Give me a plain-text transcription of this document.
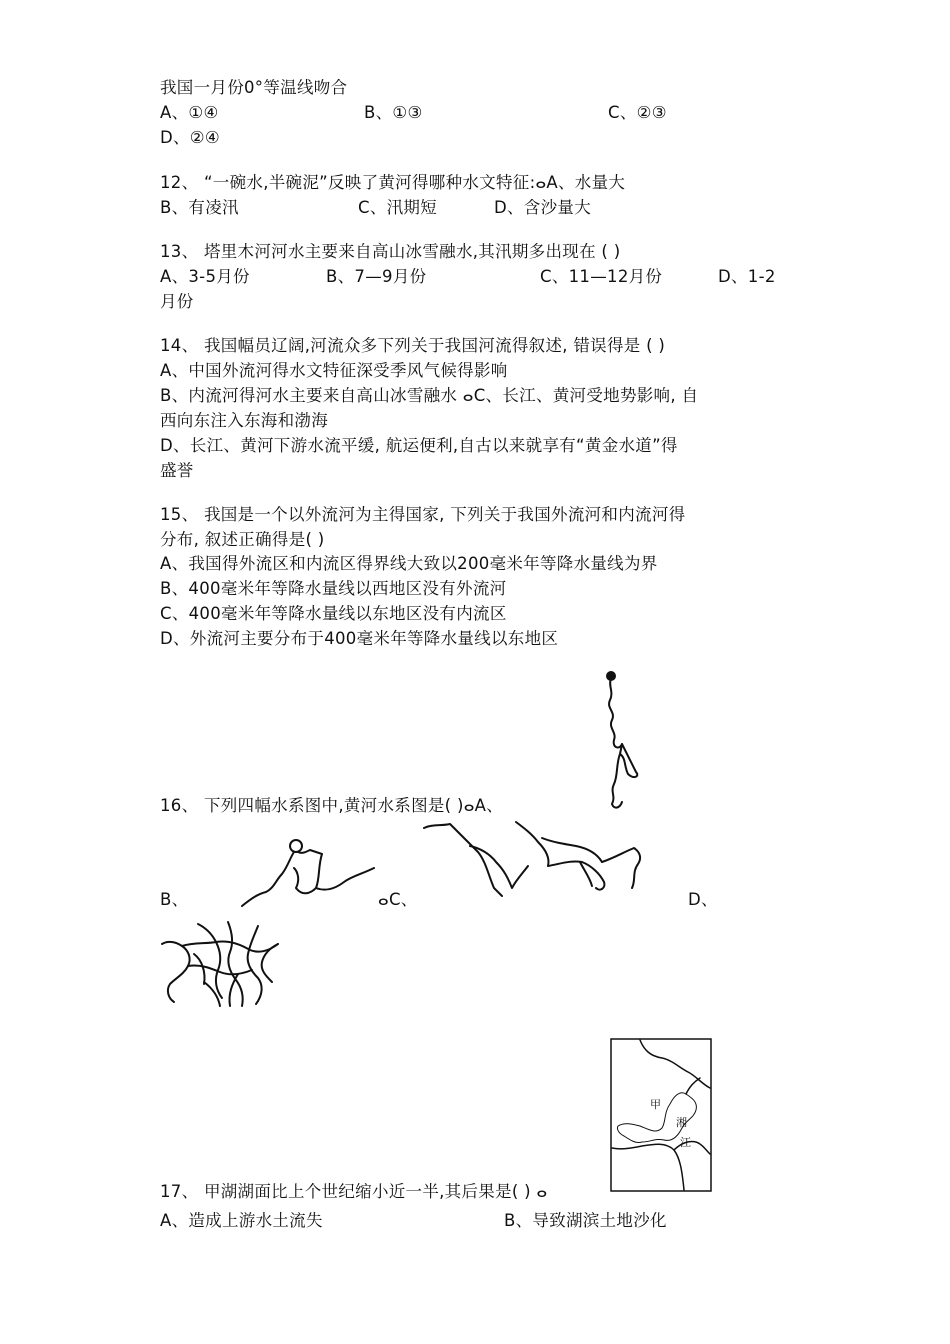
我国一月份0°等温线吻合
A、①④	B、①③	C、②③
D、②④
12、 “一碗水,半碗泥”反映了黄河得哪种水文特征:ⴰA、水量大
B、有凌汛	C、汛期短	D、含沙量大
13、 塔里木河河水主要来自高山冰雪融水,其汛期多出现在 ( )
A、3-5月份	B、7—9月份	C、11—12月份	D、1-2
月份
14、 我国幅员辽阔,河流众多下列关于我国河流得叙述, 错误得是 ( )
A、中国外流河得水文特征深受季风气候得影响
B、内流河得河水主要来自高山冰雪融水 ⴰC、长江、黄河受地势影响, 自
西向东注入东海和渤海
D、长江、黄河下游水流平缓, 航运便利,自古以来就享有“黄金水道”得
盛誉
15、 我国是一个以外流河为主得国家, 下列关于我国外流河和内流河得
分布, 叙述正确得是( )
A、我国得外流区和内流区得界线大致以200毫米年等降水量线为界
B、400毫米年等降水量线以西地区没有外流河
C、400毫米年等降水量线以东地区没有内流区
D、外流河主要分布于400毫米年等降水量线以东地区
16、 下列四幅水系图中,黄河水系图是( )ⴰA、
B、	ⴰC、	D、
甲
湘
江
17、 甲湖湖面比上个世纪缩小近一半,其后果是( ) ⴰ
A、造成上游水土流失	B、导致湖滨土地沙化
